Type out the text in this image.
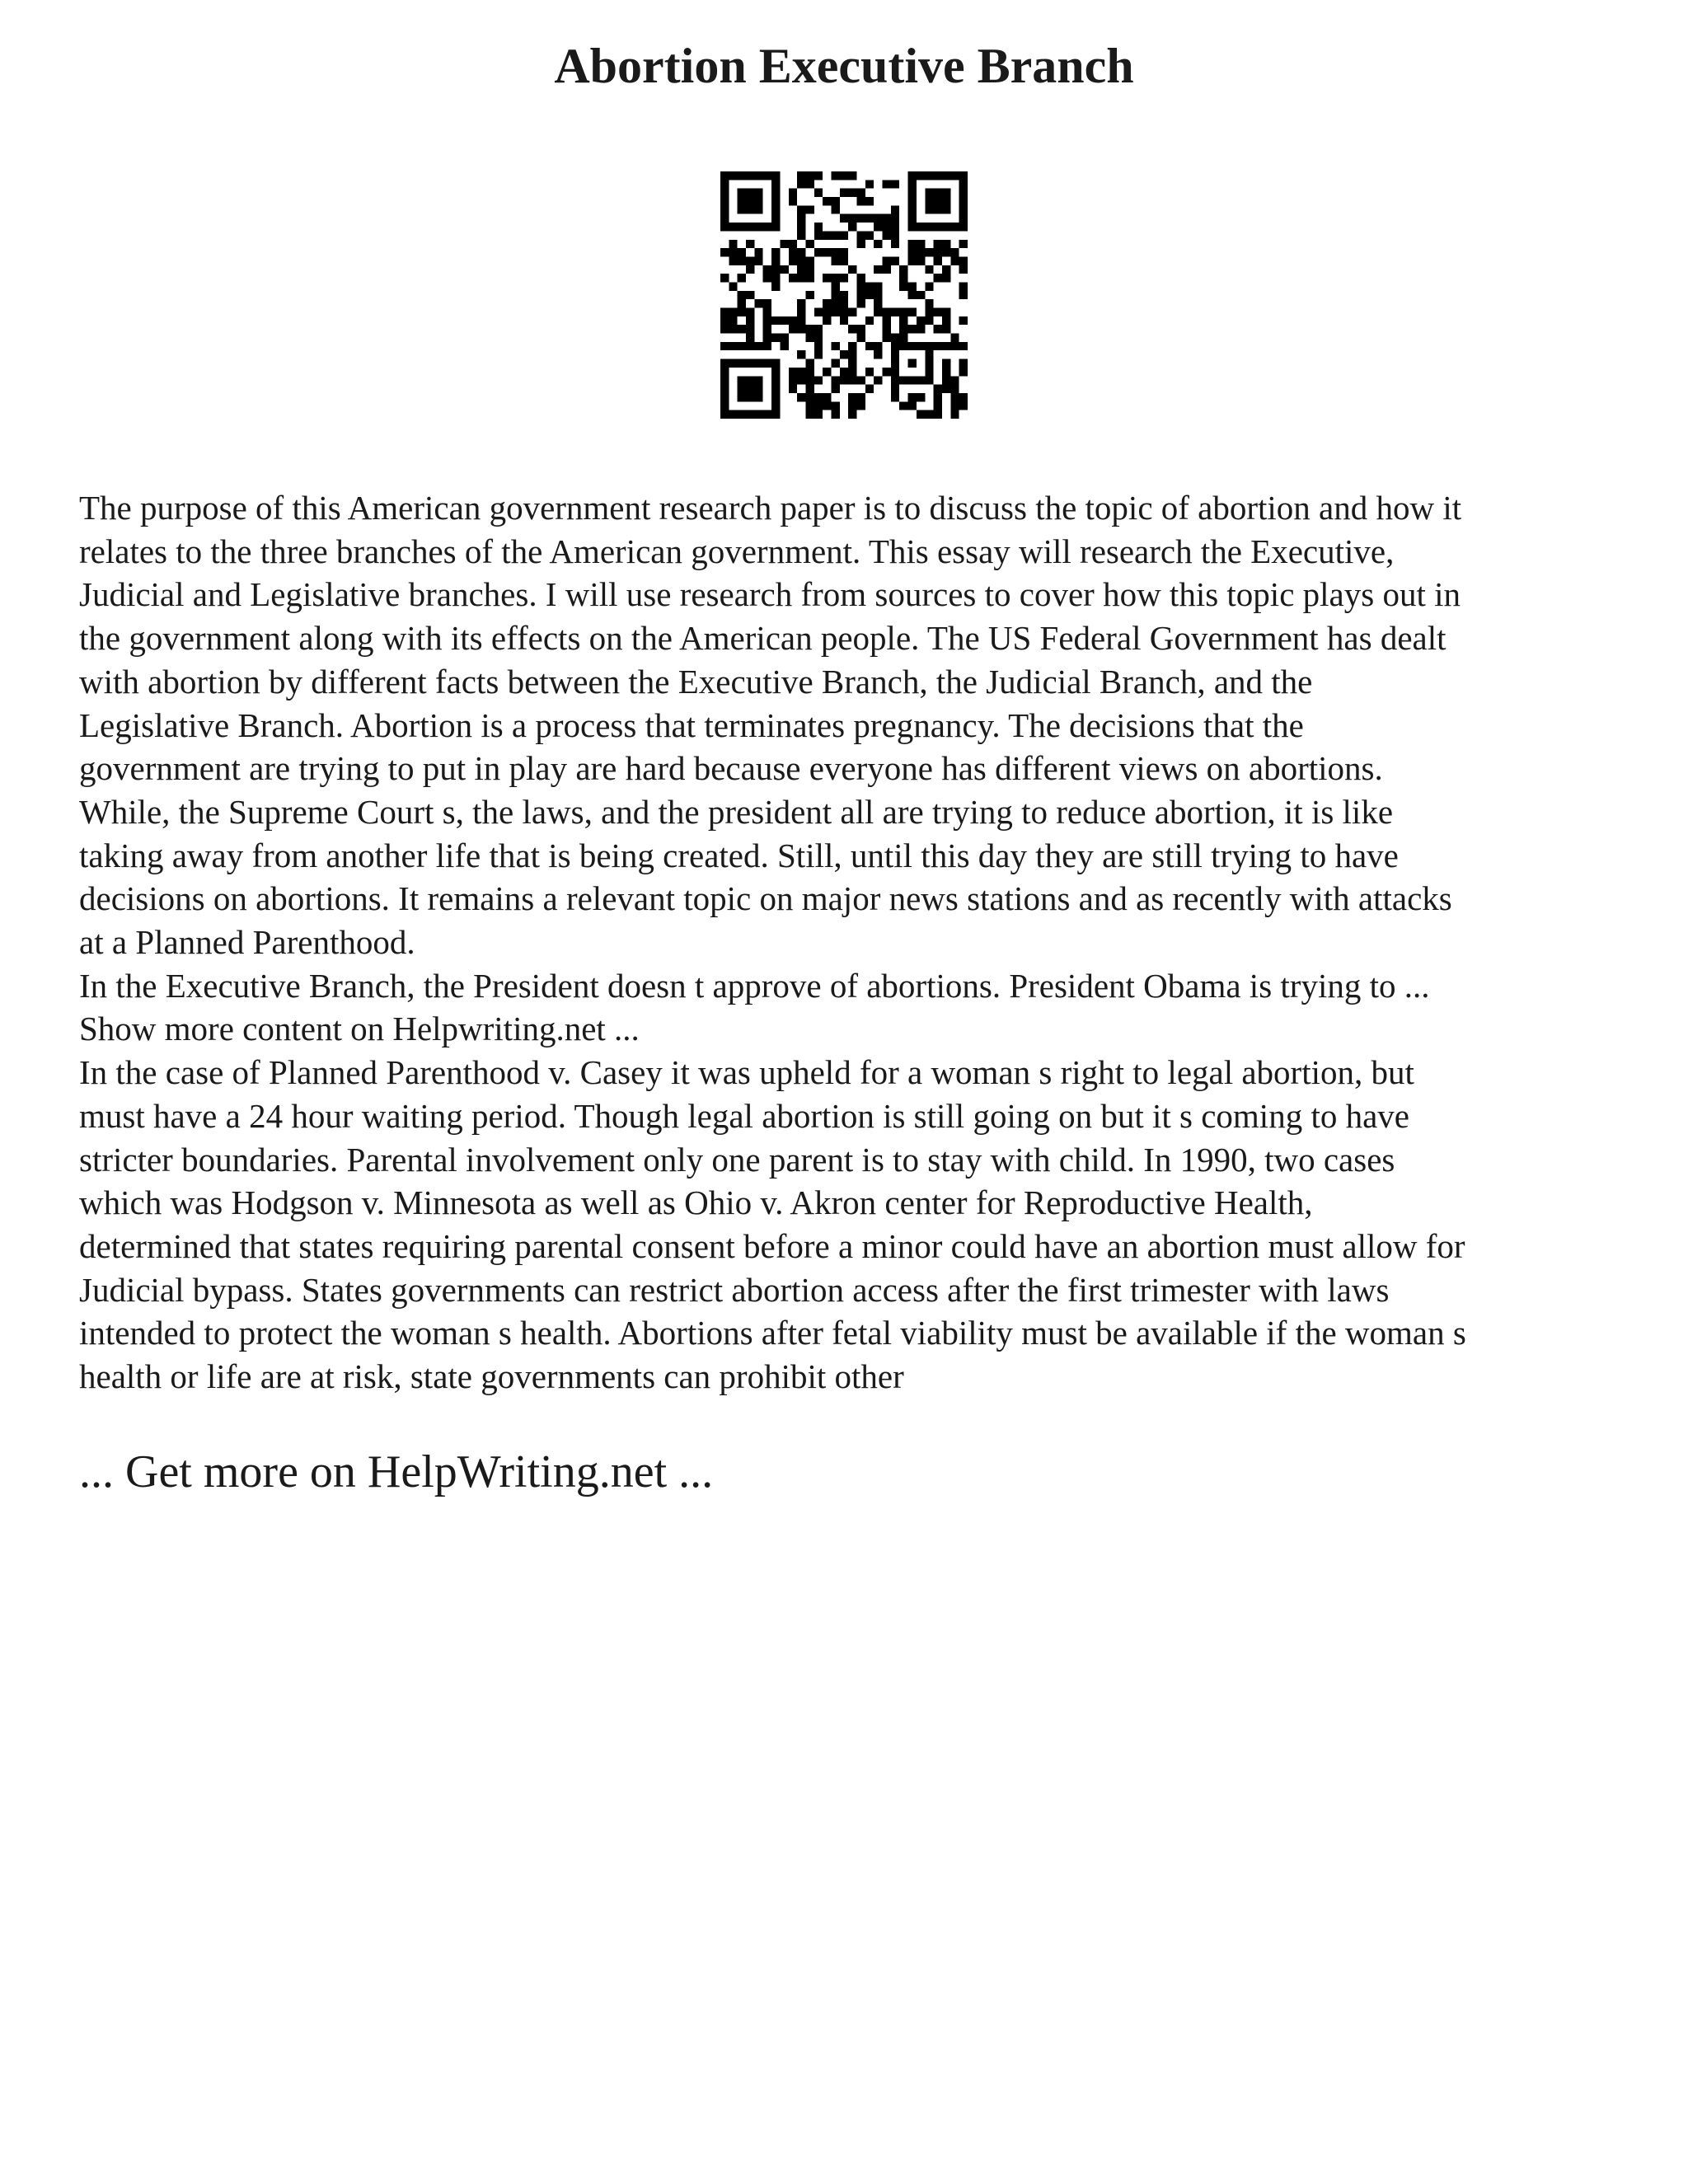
Abortion Executive Branch
The purpose of this American government research paper is to discuss the topic of abortion and how it
relates to the three branches of the American government. This essay will research the Executive,
Judicial and Legislative branches. I will use research from sources to cover how this topic plays out in
the government along with its effects on the American people. The US Federal Government has dealt
with abortion by different facts between the Executive Branch, the Judicial Branch, and the
Legislative Branch. Abortion is a process that terminates pregnancy. The decisions that the
government are trying to put in play are hard because everyone has different views on abortions.
While, the Supreme Court s, the laws, and the president all are trying to reduce abortion, it is like
taking away from another life that is being created. Still, until this day they are still trying to have
decisions on abortions. It remains a relevant topic on major news stations and as recently with attacks
at a Planned Parenthood.
In the Executive Branch, the President doesn t approve of abortions. President Obama is trying to ...
Show more content on Helpwriting.net ...
In the case of Planned Parenthood v. Casey it was upheld for a woman s right to legal abortion, but
must have a 24 hour waiting period. Though legal abortion is still going on but it s coming to have
stricter boundaries. Parental involvement only one parent is to stay with child. In 1990, two cases
which was Hodgson v. Minnesota as well as Ohio v. Akron center for Reproductive Health,
determined that states requiring parental consent before a minor could have an abortion must allow for
Judicial bypass. States governments can restrict abortion access after the first trimester with laws
intended to protect the woman s health. Abortions after fetal viability must be available if the woman s
health or life are at risk, state governments can prohibit other

... Get more on HelpWriting.net ...
